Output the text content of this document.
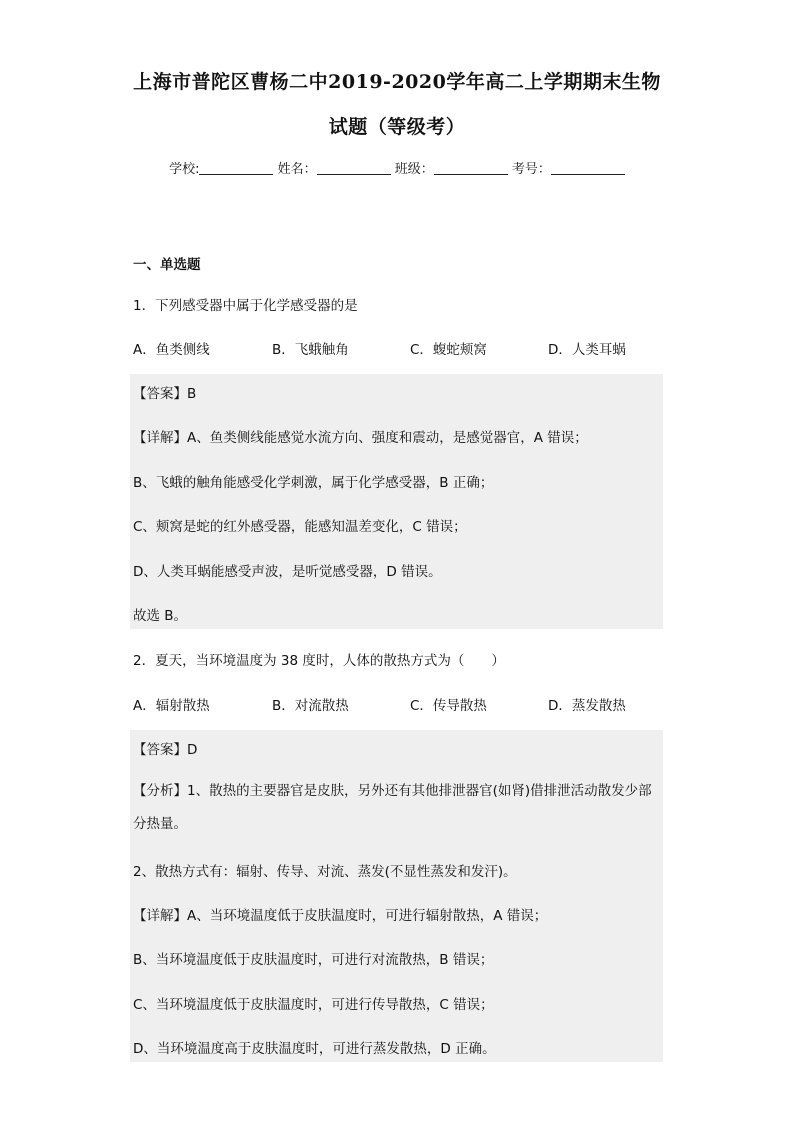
上海市普陀区曹杨二中2019-2020学年高二上学期期末生物
试题（等级考）
学校:	姓名：	班级：	考号：

一、单选题

1．下列感受器中属于化学感受器的是

A．鱼类侧线	B．飞蛾触角	C．蝮蛇颊窝	D．人类耳蜗

【答案】B

【详解】A、鱼类侧线能感觉水流方向、强度和震动，是感觉器官，A 错误；

B、飞蛾的触角能感受化学刺激，属于化学感受器，B 正确；

C、颊窝是蛇的红外感受器，能感知温差变化，C 错误；

D、人类耳蜗能感受声波，是听觉感受器，D 错误。

故选 B。

2．夏天，当环境温度为 38 度时，人体的散热方式为（　　）

A．辐射散热	B．对流散热	C．传导散热	D．蒸发散热

【答案】D

【分析】1、散热的主要器官是皮肤，另外还有其他排泄器官(如肾)借排泄活动散发少部分热量。

2、散热方式有：辐射、传导、对流、蒸发(不显性蒸发和发汗)。

【详解】A、当环境温度低于皮肤温度时，可进行辐射散热，A 错误；

B、当环境温度低于皮肤温度时，可进行对流散热，B 错误；

C、当环境温度低于皮肤温度时，可进行传导散热，C 错误；

D、当环境温度高于皮肤温度时，可进行蒸发散热，D 正确。
